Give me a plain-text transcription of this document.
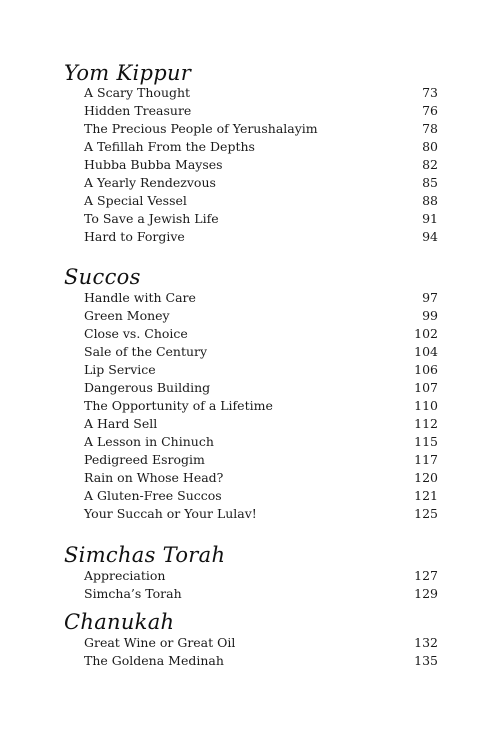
Yom Kippur
A Scary Thought	73
Hidden Treasure	76
The Precious People of Yerushalayim	78
A Tefillah From the Depths	80
Hubba Bubba Mayses	82
A Yearly Rendezvous	85
A Special Vessel	88
To Save a Jewish Life	91
Hard to Forgive	94
Succos
Handle with Care	97
Green Money	99
Close vs. Choice	102
Sale of the Century	104
Lip Service	106
Dangerous Building	107
The Opportunity of a Lifetime	110
A Hard Sell	112
A Lesson in Chinuch	115
Pedigreed Esrogim	117
Rain on Whose Head?	120
A Gluten-Free Succos	121
Your Succah or Your Lulav!	125
Simchas Torah
Appreciation	127
Simcha’s Torah	129
Chanukah
Great Wine or Great Oil	132
The Goldena Medinah	135
